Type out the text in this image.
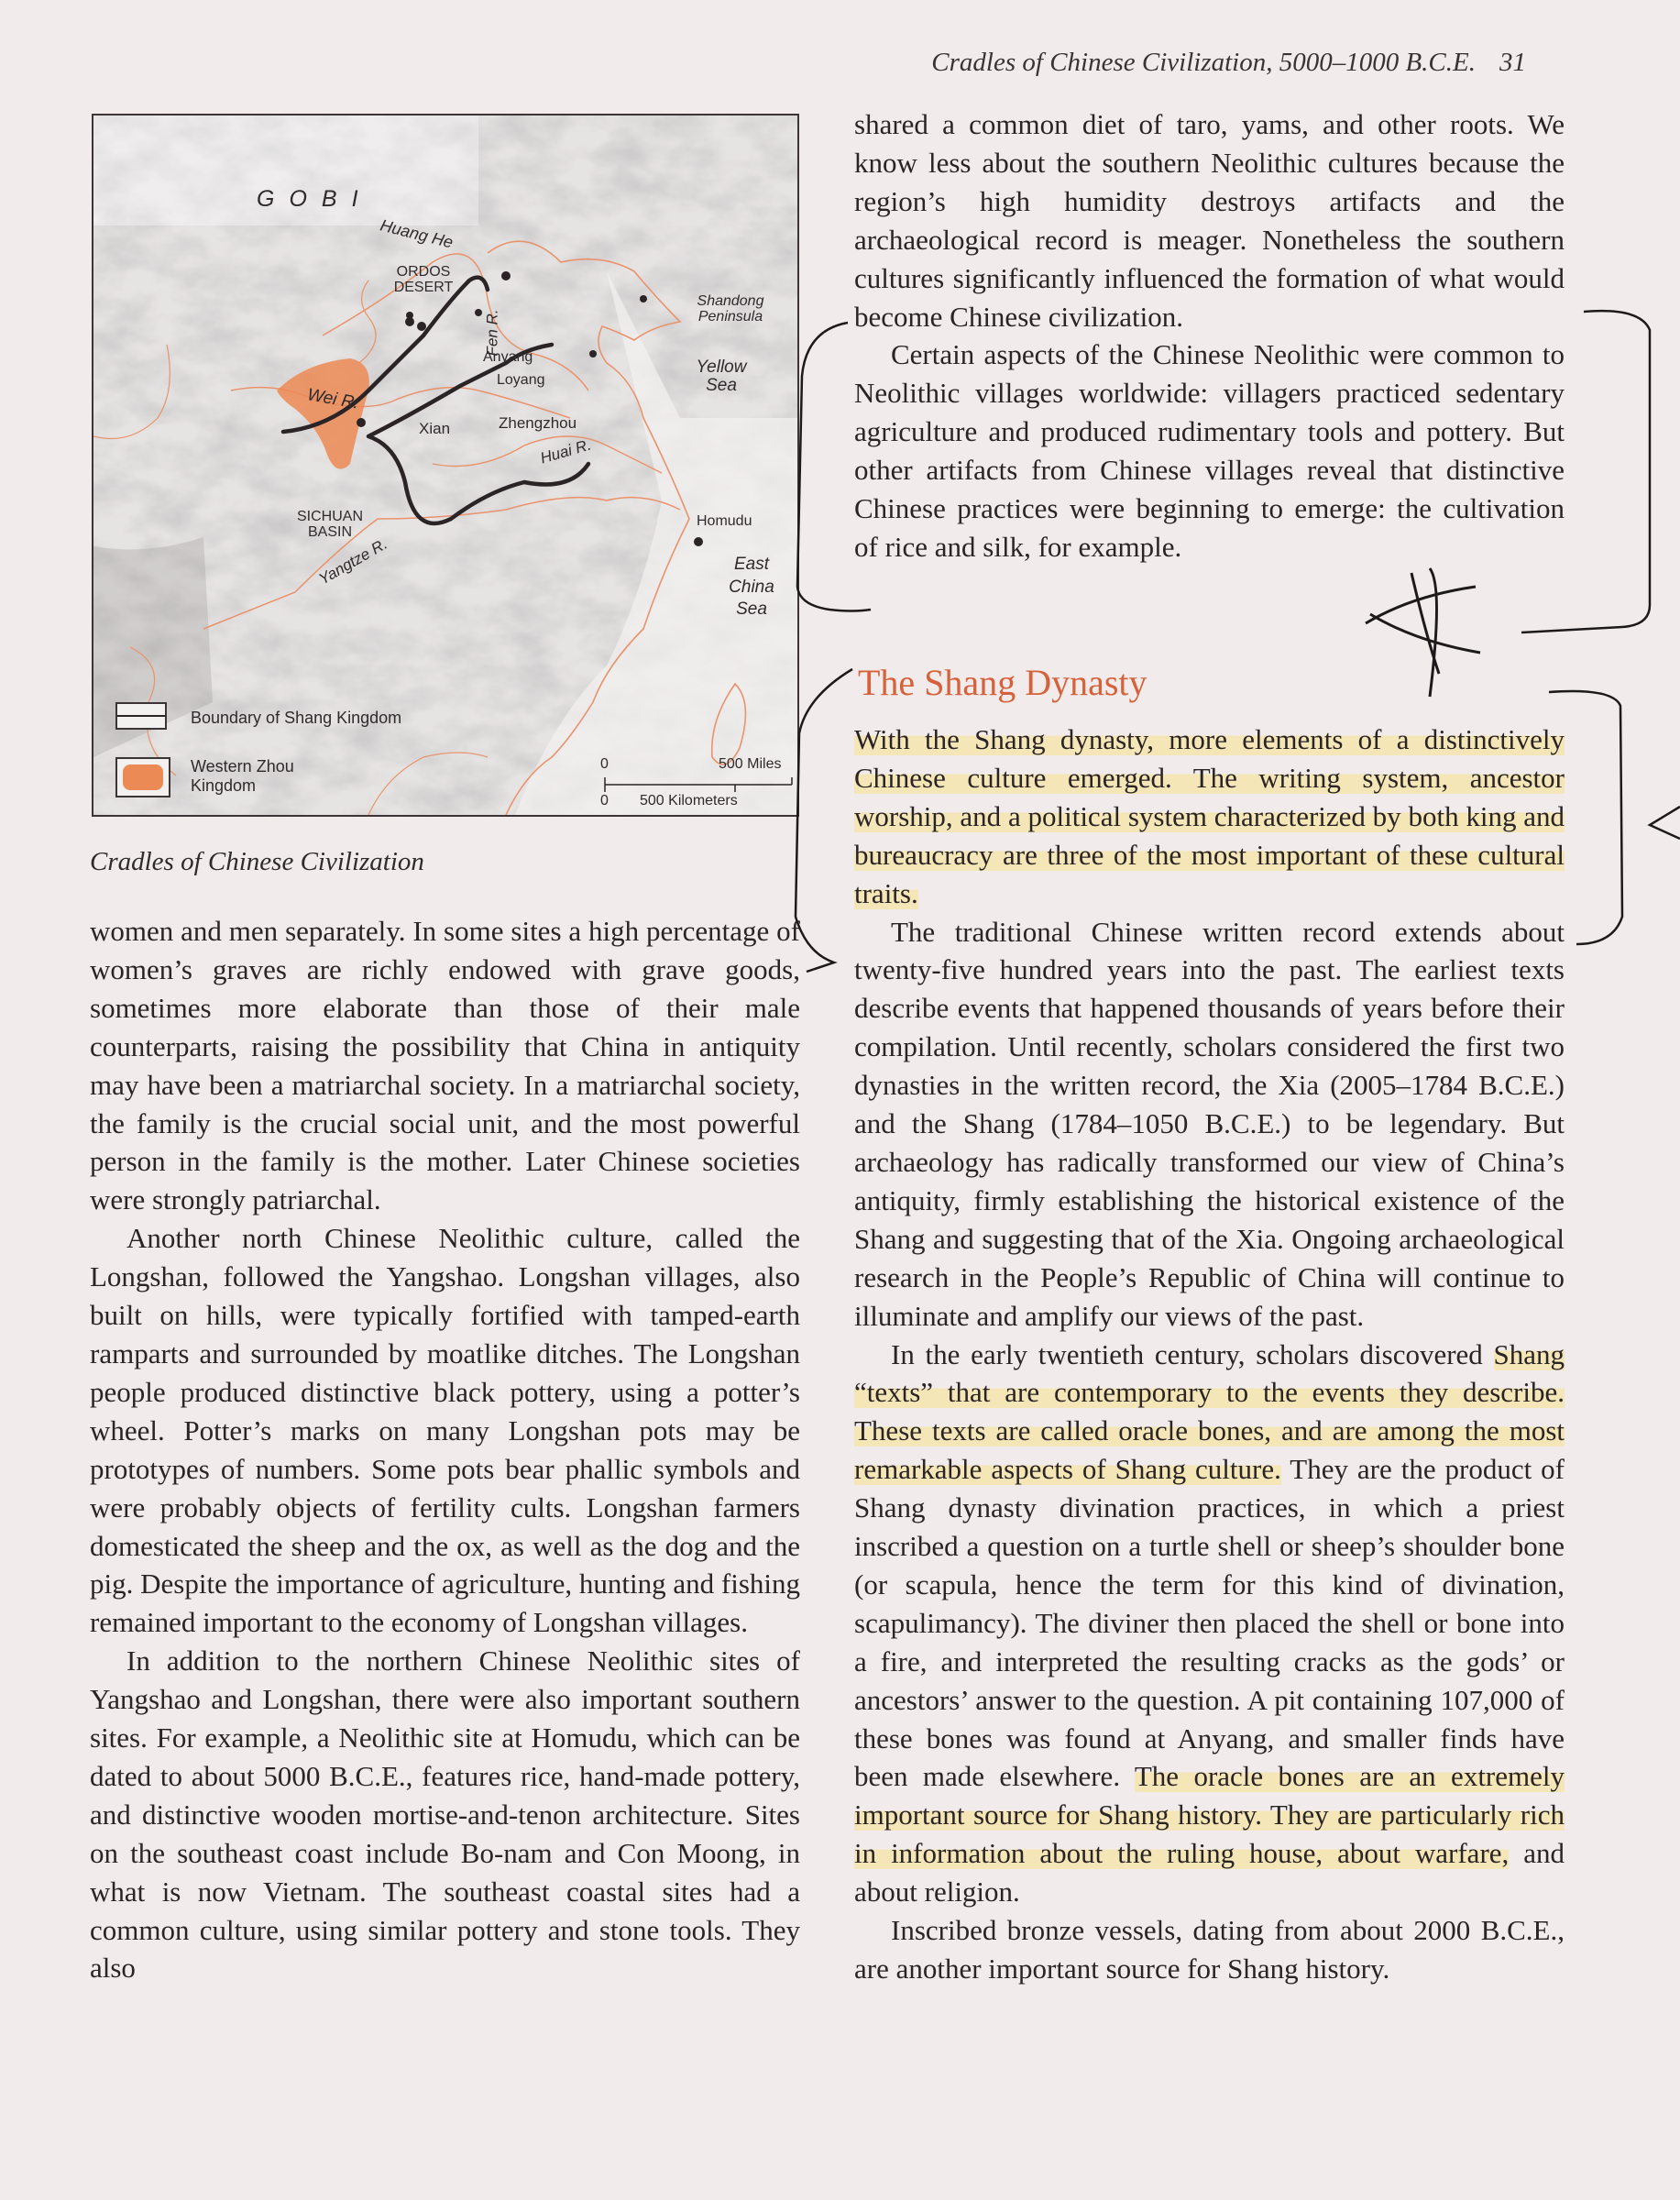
Cradles of Chinese Civilization, 5000–1000 B.C.E. 31
GOBI
Huang He
ORDOS DESERT
Fen R.
Shandong Peninsula
Yellow Sea
Anyang
Loyang
Wei R.
Xian	Zhengzhou
Huai R.
SICHUAN BASIN
Homudu
Yangtze R.	East China Sea
Boundary of Shang Kingdom
Western Zhou Kingdom
0	500 Miles
0 500 Kilometers
Cradles of Chinese Civilization

women and men separately. In some sites a high percentage of women’s graves are richly endowed with grave goods, sometimes more elaborate than those of their male counterparts, raising the possibility that China in antiquity may have been a matriarchal society. In a matriarchal society, the family is the crucial social unit, and the most powerful person in the family is the mother. Later Chinese societies were strongly patriarchal.

Another north Chinese Neolithic culture, called the Longshan, followed the Yangshao. Longshan villages, also built on hills, were typically fortified with tamped-earth ramparts and surrounded by moatlike ditches. The Longshan people produced distinctive black pottery, using a potter’s wheel. Potter’s marks on many Longshan pots may be prototypes of numbers. Some pots bear phallic symbols and were probably objects of fertility cults. Longshan farmers domesticated the sheep and the ox, as well as the dog and the pig. Despite the importance of agriculture, hunting and fishing remained important to the economy of Longshan villages.

In addition to the northern Chinese Neolithic sites of Yangshao and Longshan, there were also important southern sites. For example, a Neolithic site at Homudu, which can be dated to about 5000 B.C.E., features rice, hand-made pottery, and distinctive wooden mortise-and-tenon architecture. Sites on the southeast coast include Bo-nam and Con Moong, in what is now Vietnam. The southeast coastal sites had a common culture, using similar pottery and stone tools. They also

shared a common diet of taro, yams, and other roots. We know less about the southern Neolithic cultures because the region’s high humidity destroys artifacts and the archaeological record is meager. Nonetheless the southern cultures significantly influenced the formation of what would become Chinese civilization.

Certain aspects of the Chinese Neolithic were common to Neolithic villages worldwide: villagers practiced sedentary agriculture and produced rudimentary tools and pottery. But other artifacts from Chinese villages reveal that distinctive Chinese practices were beginning to emerge: the cultivation of rice and silk, for example.

The Shang Dynasty

With the Shang dynasty, more elements of a distinctively Chinese culture emerged. The writing system, ancestor worship, and a political system characterized by both king and bureaucracy are three of the most important of these cultural traits.

The traditional Chinese written record extends about twenty-five hundred years into the past. The earliest texts describe events that happened thousands of years before their compilation. Until recently, scholars considered the first two dynasties in the written record, the Xia (2005–1784 B.C.E.) and the Shang (1784–1050 B.C.E.) to be legendary. But archaeology has radically transformed our view of China’s antiquity, firmly establishing the historical existence of the Shang and suggesting that of the Xia. Ongoing archaeological research in the People’s Republic of China will continue to illuminate and amplify our views of the past.

In the early twentieth century, scholars discovered Shang “texts” that are contemporary to the events they describe. These texts are called oracle bones, and are among the most remarkable aspects of Shang culture. They are the product of Shang dynasty divination practices, in which a priest inscribed a question on a turtle shell or sheep’s shoulder bone (or scapula, hence the term for this kind of divination, scapulimancy). The diviner then placed the shell or bone into a fire, and interpreted the resulting cracks as the gods’ or ancestors’ answer to the question. A pit containing 107,000 of these bones was found at Anyang, and smaller finds have been made elsewhere. The oracle bones are an extremely important source for Shang history. They are particularly rich in information about the ruling house, about warfare, and about religion.

Inscribed bronze vessels, dating from about 2000 B.C.E., are another important source for Shang history.
